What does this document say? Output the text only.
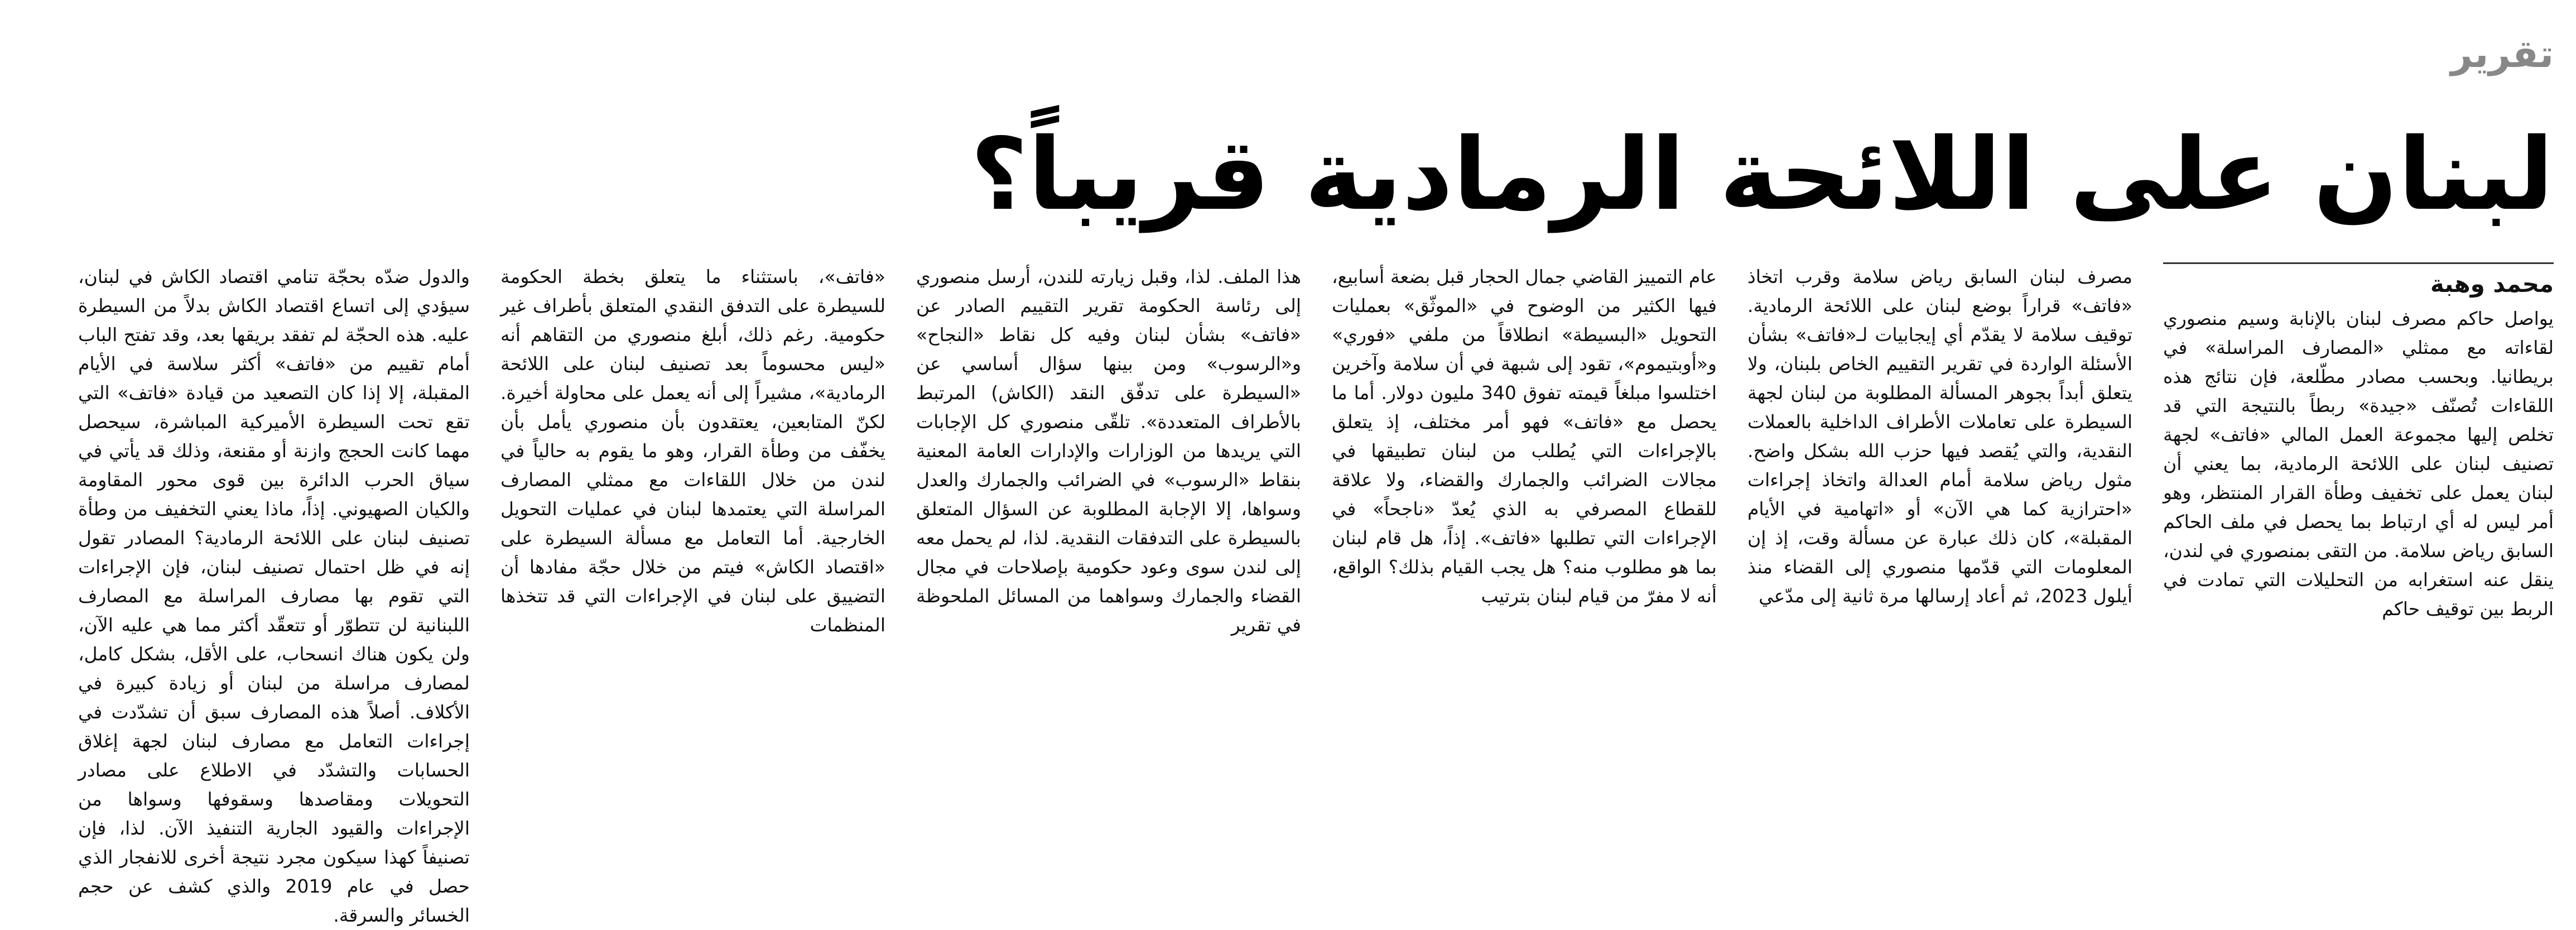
تقرير
لبنان على اللائحة الرمادية قريباً؟
محمد وهبة

يواصل حاكم مصرف لبنان بالإنابة وسيم منصوري لقاءاته مع ممثلي «المصارف المراسلة» في بريطانيا. وبحسب مصادر مطّلعة، فإن نتائج هذه اللقاءات تُصنّف «جيدة» ربطاً بالنتيجة التي قد تخلص إليها مجموعة العمل المالي «فاتف» لجهة تصنيف لبنان على اللائحة الرمادية، بما يعني أن لبنان يعمل على تخفيف وطأة القرار المنتظر، وهو أمر ليس له أي ارتباط بما يحصل في ملف الحاكم السابق رياض سلامة. من التقى بمنصوري في لندن، ينقل عنه استغرابه من التحليلات التي تمادت في الربط بين توقيف حاكم

مصرف لبنان السابق رياض سلامة وقرب اتخاذ «فاتف» قراراً بوضع لبنان على اللائحة الرمادية. توقيف سلامة لا يقدّم أي إيجابيات لـ«فاتف» بشأن الأسئلة الواردة في تقرير التقييم الخاص بلبنان، ولا يتعلق أبداً بجوهر المسألة المطلوبة من لبنان لجهة السيطرة على تعاملات الأطراف الداخلية بالعملات النقدية، والتي يُقصد فيها حزب الله بشكل واضح. مثول رياض سلامة أمام العدالة واتخاذ إجراءات «احترازية كما هي الآن» أو «اتهامية في الأيام المقبلة»، كان ذلك عبارة عن مسألة وقت، إذ إن المعلومات التي قدّمها منصوري إلى القضاء منذ أيلول 2023، ثم أعاد إرسالها مرة ثانية إلى مدّعي

عام التمييز القاضي جمال الحجار قبل بضعة أسابيع، فيها الكثير من الوضوح في «الموثّق» بعمليات التحويل «البسيطة» انطلاقاً من ملفي «فوري» و«أوبتيموم»، تقود إلى شبهة في أن سلامة وآخرين اختلسوا مبلغاً قيمته تفوق 340 مليون دولار. أما ما يحصل مع «فاتف» فهو أمر مختلف، إذ يتعلق بالإجراءات التي يُطلب من لبنان تطبيقها في مجالات الضرائب والجمارك والقضاء، ولا علاقة للقطاع المصرفي به الذي يُعدّ «ناجحاً» في الإجراءات التي تطلبها «فاتف». إذاً، هل قام لبنان بما هو مطلوب منه؟ هل يجب القيام بذلك؟ الواقع، أنه لا مفرّ من قيام لبنان بترتيب

هذا الملف. لذا، وقبل زيارته للندن، أرسل منصوري إلى رئاسة الحكومة تقرير التقييم الصادر عن «فاتف» بشأن لبنان وفيه كل نقاط «النجاح» و«الرسوب» ومن بينها سؤال أساسي عن «السيطرة على تدفّق النقد (الكاش) المرتبط بالأطراف المتعددة». تلقّى منصوري كل الإجابات التي يريدها من الوزارات والإدارات العامة المعنية بنقاط «الرسوب» في الضرائب والجمارك والعدل وسواها، إلا الإجابة المطلوبة عن السؤال المتعلق بالسيطرة على التدفقات النقدية. لذا، لم يحمل معه إلى لندن سوى وعود حكومية بإصلاحات في مجال القضاء والجمارك وسواهما من المسائل الملحوظة في تقرير

«فاتف»، باستثناء ما يتعلق بخطة الحكومة للسيطرة على التدفق النقدي المتعلق بأطراف غير حكومية. رغم ذلك، أبلغ منصوري من التقاهم أنه «ليس محسوماً بعد تصنيف لبنان على اللائحة الرمادية»، مشيراً إلى أنه يعمل على محاولة أخيرة. لكنّ المتابعين، يعتقدون بأن منصوري يأمل بأن يخفّف من وطأة القرار، وهو ما يقوم به حالياً في لندن من خلال اللقاءات مع ممثلي المصارف المراسلة التي يعتمدها لبنان في عمليات التحويل الخارجية. أما التعامل مع مسألة السيطرة على «اقتصاد الكاش» فيتم من خلال حجّة مفادها أن التضييق على لبنان في الإجراءات التي قد تتخذها المنظمات

والدول ضدّه بحجّة تنامي اقتصاد الكاش في لبنان، سيؤدي إلى اتساع اقتصاد الكاش بدلاً من السيطرة عليه. هذه الحجّة لم تفقد بريقها بعد، وقد تفتح الباب أمام تقييم من «فاتف» أكثر سلاسة في الأيام المقبلة، إلا إذا كان التصعيد من قيادة «فاتف» التي تقع تحت السيطرة الأميركية المباشرة، سيحصل مهما كانت الحجج وازنة أو مقنعة، وذلك قد يأتي في سياق الحرب الدائرة بين قوى محور المقاومة والكيان الصهيوني. إذاً، ماذا يعني التخفيف من وطأة تصنيف لبنان على اللائحة الرمادية؟ المصادر تقول إنه في ظل احتمال تصنيف لبنان، فإن الإجراءات التي تقوم بها مصارف المراسلة مع المصارف اللبنانية لن تتطوّر أو تتعقّد أكثر مما هي عليه الآن، ولن يكون هناك انسحاب، على الأقل، بشكل كامل، لمصارف مراسلة من لبنان أو زيادة كبيرة في الأكلاف. أصلاً هذه المصارف سبق أن تشدّدت في إجراءات التعامل مع مصارف لبنان لجهة إغلاق الحسابات والتشدّد في الاطلاع على مصادر التحويلات ومقاصدها وسقوفها وسواها من الإجراءات والقيود الجارية التنفيذ الآن. لذا، فإن تصنيفاً كهذا سيكون مجرد نتيجة أخرى للانفجار الذي حصل في عام 2019 والذي كشف عن حجم الخسائر والسرقة.
